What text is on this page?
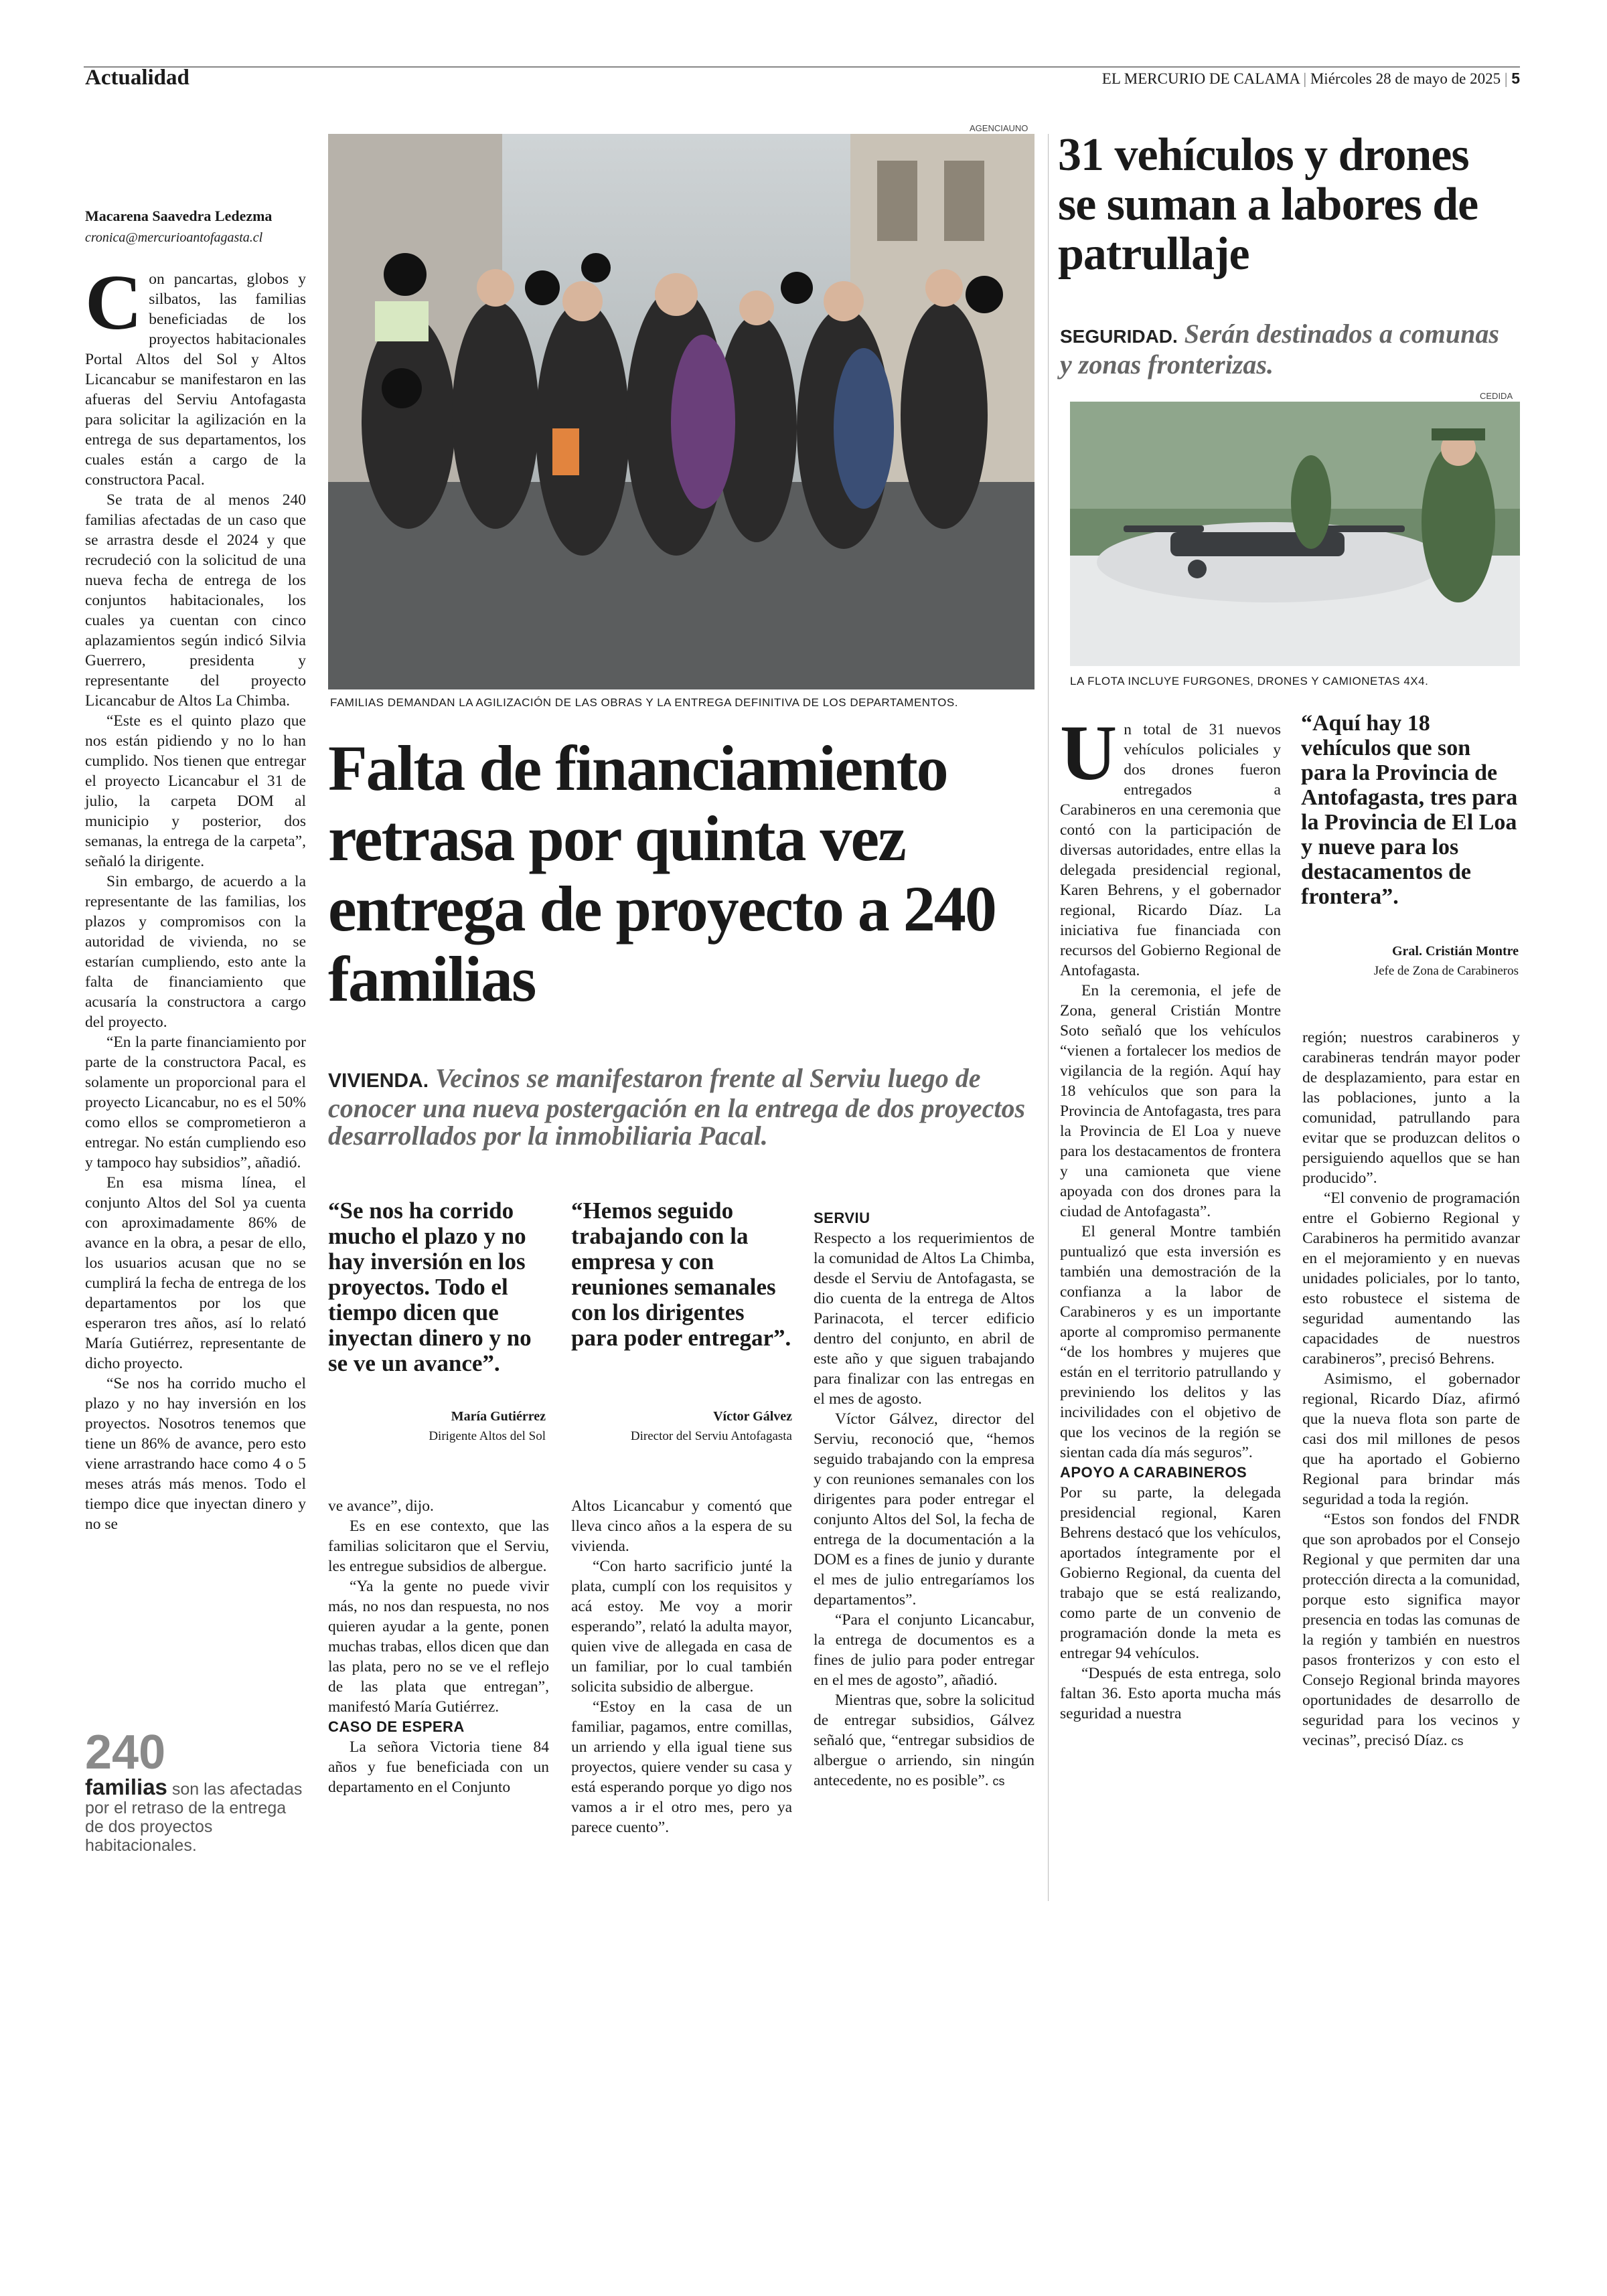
Actualidad	EL MERCURIO DE CALAMA | Miércoles 28 de mayo de 2025 | 5
Macarena Saavedra Ledezma
cronica@mercurioantofagasta.cl

Con pancartas, globos y silbatos, las familias beneficiadas de los proyectos habitacionales Portal Altos del Sol y Altos Licancabur se manifestaron en las afueras del Serviu Antofagasta para solicitar la agilización en la entrega de sus departamentos, los cuales están a cargo de la constructora Pacal.

Se trata de al menos 240 familias afectadas de un caso que se arrastra desde el 2024 y que recrudeció con la solicitud de una nueva fecha de entrega de los conjuntos habitacionales, los cuales ya cuentan con cinco aplazamientos según indicó Silvia Guerrero, presidenta y representante del proyecto Licancabur de Altos La Chimba.

“Este es el quinto plazo que nos están pidiendo y no lo han cumplido. Nos tienen que entregar el proyecto Licancabur el 31 de julio, la carpeta DOM al municipio y posterior, dos semanas, la entrega de la carpeta”, señaló la dirigente.

Sin embargo, de acuerdo a la representante de las familias, los plazos y compromisos con la autoridad de vivienda, no se estarían cumpliendo, esto ante la falta de financiamiento que acusaría la constructora a cargo del proyecto.

“En la parte financiamiento por parte de la constructora Pacal, es solamente un proporcional para el proyecto Licancabur, no es el 50% como ellos se comprometieron a entregar. No están cumpliendo eso y tampoco hay subsidios”, añadió.

En esa misma línea, el conjunto Altos del Sol ya cuenta con aproximadamente 86% de avance en la obra, a pesar de ello, los usuarios acusan que no se cumplirá la fecha de entrega de los departamentos por los que esperaron tres años, así lo relató María Gutiérrez, representante de dicho proyecto.

“Se nos ha corrido mucho el plazo y no hay inversión en los proyectos. Nosotros tenemos que tiene un 86% de avance, pero esto viene arrastrando hace como 4 o 5 meses atrás más menos. Todo el tiempo dice que inyectan dinero y no se

240
familias son las afectadas por el retraso de la entrega de dos proyectos habitacionales.
AGENCIAUNO
FAMILIAS DEMANDAN LA AGILIZACIÓN DE LAS OBRAS Y LA ENTREGA DEFINITIVA DE LOS DEPARTAMENTOS.
Falta de financiamiento retrasa por quinta vez entrega de proyecto a 240 familias
VIVIENDA. Vecinos se manifestaron frente al Serviu luego de conocer una nueva postergación en la entrega de dos proyectos desarrollados por la inmobiliaria Pacal.
“Se nos ha corrido mucho el plazo y no hay inversión en los proyectos. Todo el tiempo dicen que inyectan dinero y no se ve un avance”.
María Gutiérrez
Dirigente Altos del Sol
“Hemos seguido trabajando con la empresa y con reuniones semanales con los dirigentes para poder entregar”.
Víctor Gálvez
Director del Serviu Antofagasta

ve avance”, dijo.

Es en ese contexto, que las familias solicitaron que el Serviu, les entregue subsidios de albergue.

“Ya la gente no puede vivir más, no nos dan respuesta, no nos quieren ayudar a la gente, ponen muchas trabas, ellos dicen que dan las plata, pero no se ve el reflejo de las plata que entregan”, manifestó María Gutiérrez.

CASO DE ESPERA

La señora Victoria tiene 84 años y fue beneficiada con un departamento en el Conjunto

Altos Licancabur y comentó que lleva cinco años a la espera de su vivienda.

“Con harto sacrificio junté la plata, cumplí con los requisitos y acá estoy. Me voy a morir esperando”, relató la adulta mayor, quien vive de allegada en casa de un familiar, por lo cual también solicita subsidio de albergue.

“Estoy en la casa de un familiar, pagamos, entre comillas, un arriendo y ella igual tiene sus proyectos, quiere vender su casa y está esperando porque yo digo nos vamos a ir el otro mes, pero ya parece cuento”.

SERVIU

Respecto a los requerimientos de la comunidad de Altos La Chimba, desde el Serviu de Antofagasta, se dio cuenta de la entrega de Altos Parinacota, el tercer edificio dentro del conjunto, en abril de este año y que siguen trabajando para finalizar con las entregas en el mes de agosto.

Víctor Gálvez, director del Serviu, reconoció que, “hemos seguido trabajando con la empresa y con reuniones semanales con los dirigentes para poder entregar el conjunto Altos del Sol, la fecha de entrega de la documentación a la DOM es a fines de junio y durante el mes de julio entregaríamos los departamentos”.

“Para el conjunto Licancabur, la entrega de documentos es a fines de julio para poder entregar en el mes de agosto”, añadió.

Mientras que, sobre la solicitud de entregar subsidios, Gálvez señaló que, “entregar subsidios de albergue o arriendo, sin ningún antecedente, no es posible”. cs

31 vehículos y drones se suman a labores de patrullaje
SEGURIDAD. Serán destinados a comunas y zonas fronterizas.
CEDIDA
LA FLOTA INCLUYE FURGONES, DRONES Y CAMIONETAS 4X4.

Un total de 31 nuevos vehículos policiales y dos drones fueron entregados a Carabineros en una ceremonia que contó con la participación de diversas autoridades, entre ellas la delegada presidencial regional, Karen Behrens, y el gobernador regional, Ricardo Díaz. La iniciativa fue financiada con recursos del Gobierno Regional de Antofagasta.

En la ceremonia, el jefe de Zona, general Cristián Montre Soto señaló que los vehículos “vienen a fortalecer los medios de vigilancia de la región. Aquí hay 18 vehículos que son para la Provincia de Antofagasta, tres para la Provincia de El Loa y nueve para los destacamentos de frontera y una camioneta que viene apoyada con dos drones para la ciudad de Antofagasta”.

El general Montre también puntualizó que esta inversión es también una demostración de la confianza a la labor de Carabineros y es un importante aporte al compromiso permanente “de los hombres y mujeres que están en el territorio patrullando y previniendo los delitos y las incivilidades con el objetivo de que los vecinos de la región se sientan cada día más seguros”.

APOYO A CARABINEROS

Por su parte, la delegada presidencial regional, Karen Behrens destacó que los vehículos, aportados íntegramente por el Gobierno Regional, da cuenta del trabajo que se está realizando, como parte de un convenio de programación donde la meta es entregar 94 vehículos.

“Después de esta entrega, solo faltan 36. Esto aporta mucha más seguridad a nuestra

“Aquí hay 18 vehículos que son para la Provincia de Antofagasta, tres para la Provincia de El Loa y nueve para los destacamentos de frontera”.
Gral. Cristián Montre
Jefe de Zona de Carabineros

región; nuestros carabineros y carabineras tendrán mayor poder de desplazamiento, para estar en las poblaciones, junto a la comunidad, patrullando para evitar que se produzcan delitos o persiguiendo aquellos que se han producido”.

“El convenio de programación entre el Gobierno Regional y Carabineros ha permitido avanzar en el mejoramiento y en nuevas unidades policiales, por lo tanto, esto robustece el sistema de seguridad aumentando las capacidades de nuestros carabineros”, precisó Behrens.

Asimismo, el gobernador regional, Ricardo Díaz, afirmó que la nueva flota son parte de casi dos mil millones de pesos que ha aportado el Gobierno Regional para brindar más seguridad a toda la región.

“Estos son fondos del FNDR que son aprobados por el Consejo Regional y que permiten dar una protección directa a la comunidad, porque esto significa mayor presencia en todas las comunas de la región y también en nuestros pasos fronterizos y con esto el Consejo Regional brinda mayores oportunidades de desarrollo de seguridad para los vecinos y vecinas”, precisó Díaz. cs
